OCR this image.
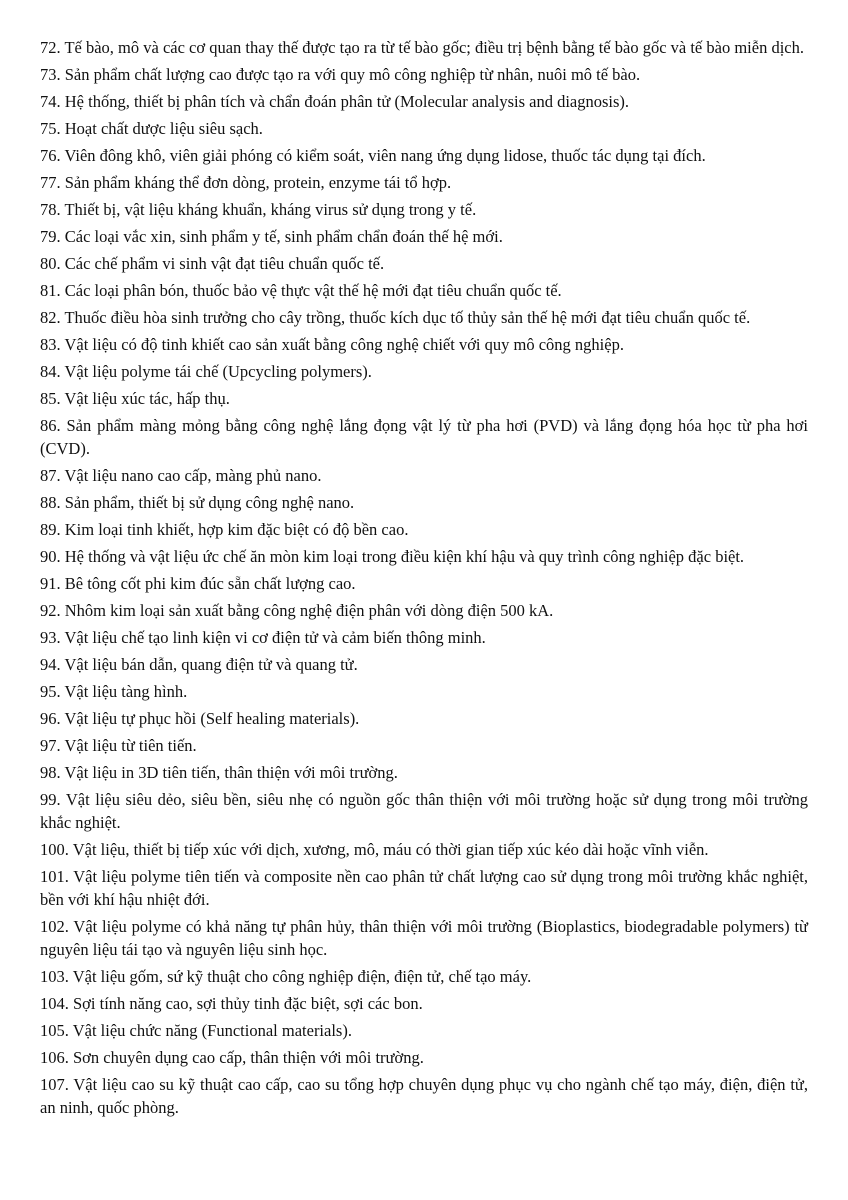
72. Tế bào, mô và các cơ quan thay thế được tạo ra từ tế bào gốc; điều trị bệnh bằng tế bào gốc và tế bào miễn dịch.
73. Sản phẩm chất lượng cao được tạo ra với quy mô công nghiệp từ nhân, nuôi mô tế bào.
74. Hệ thống, thiết bị phân tích và chẩn đoán phân tử (Molecular analysis and diagnosis).
75. Hoạt chất dược liệu siêu sạch.
76. Viên đông khô, viên giải phóng có kiểm soát, viên nang ứng dụng lidose, thuốc tác dụng tại đích.
77. Sản phẩm kháng thể đơn dòng, protein, enzyme tái tổ hợp.
78. Thiết bị, vật liệu kháng khuẩn, kháng virus sử dụng trong y tế.
79. Các loại vắc xin, sinh phẩm y tế, sinh phẩm chẩn đoán thế hệ mới.
80. Các chế phẩm vi sinh vật đạt tiêu chuẩn quốc tế.
81. Các loại phân bón, thuốc bảo vệ thực vật thế hệ mới đạt tiêu chuẩn quốc tế.
82. Thuốc điều hòa sinh trưởng cho cây trồng, thuốc kích dục tố thủy sản thế hệ mới đạt tiêu chuẩn quốc tế.
83. Vật liệu có độ tinh khiết cao sản xuất bằng công nghệ chiết với quy mô công nghiệp.
84. Vật liệu polyme tái chế (Upcycling polymers).
85. Vật liệu xúc tác, hấp thụ.
86. Sản phẩm màng mỏng bằng công nghệ lắng đọng vật lý từ pha hơi (PVD) và lắng đọng hóa học từ pha hơi (CVD).
87. Vật liệu nano cao cấp, màng phủ nano.
88. Sản phẩm, thiết bị sử dụng công nghệ nano.
89. Kim loại tinh khiết, hợp kim đặc biệt có độ bền cao.
90. Hệ thống và vật liệu ức chế ăn mòn kim loại trong điều kiện khí hậu và quy trình công nghiệp đặc biệt.
91. Bê tông cốt phi kim đúc sẵn chất lượng cao.
92. Nhôm kim loại sản xuất bằng công nghệ điện phân với dòng điện 500 kA.
93. Vật liệu chế tạo linh kiện vi cơ điện tử và cảm biến thông minh.
94. Vật liệu bán dẫn, quang điện tử và quang tử.
95. Vật liệu tàng hình.
96. Vật liệu tự phục hồi (Self healing materials).
97. Vật liệu từ tiên tiến.
98. Vật liệu in 3D tiên tiến, thân thiện với môi trường.
99. Vật liệu siêu dẻo, siêu bền, siêu nhẹ có nguồn gốc thân thiện với môi trường hoặc sử dụng trong môi trường khắc nghiệt.
100. Vật liệu, thiết bị tiếp xúc với dịch, xương, mô, máu có thời gian tiếp xúc kéo dài hoặc vĩnh viễn.
101. Vật liệu polyme tiên tiến và composite nền cao phân tử chất lượng cao sử dụng trong môi trường khắc nghiệt, bền với khí hậu nhiệt đới.
102. Vật liệu polyme có khả năng tự phân hủy, thân thiện với môi trường (Bioplastics, biodegradable polymers) từ nguyên liệu tái tạo và nguyên liệu sinh học.
103. Vật liệu gốm, sứ kỹ thuật cho công nghiệp điện, điện tử, chế tạo máy.
104. Sợi tính năng cao, sợi thủy tinh đặc biệt, sợi các bon.
105. Vật liệu chức năng (Functional materials).
106. Sơn chuyên dụng cao cấp, thân thiện với môi trường.
107. Vật liệu cao su kỹ thuật cao cấp, cao su tổng hợp chuyên dụng phục vụ cho ngành chế tạo máy, điện, điện tử, an ninh, quốc phòng.
